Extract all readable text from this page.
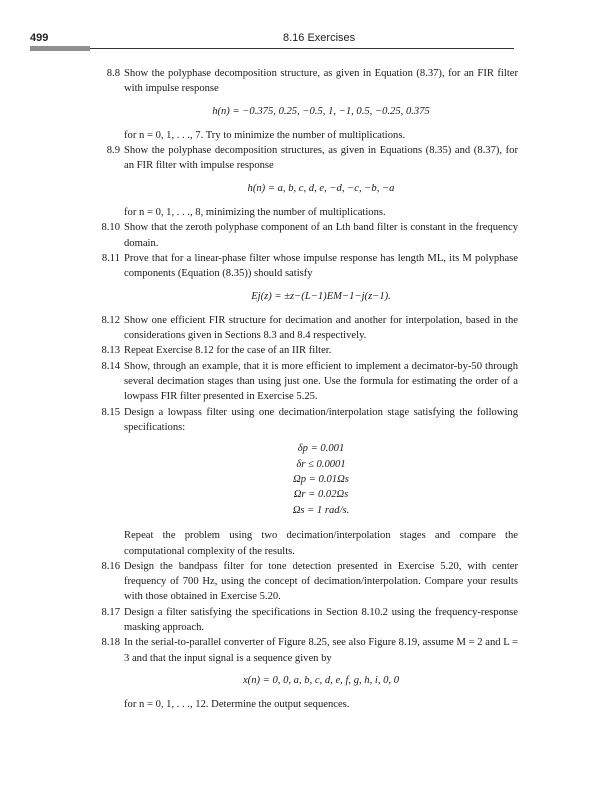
499	8.16 Exercises
8.8 Show the polyphase decomposition structure, as given in Equation (8.37), for an FIR filter with impulse response
h(n) = −0.375, 0.25, −0.5, 1, −1, 0.5, −0.25, 0.375
for n = 0, 1, . . ., 7. Try to minimize the number of multiplications.
8.9 Show the polyphase decomposition structures, as given in Equations (8.35) and (8.37), for an FIR filter with impulse response
h(n) = a, b, c, d, e, −d, −c, −b, −a
for n = 0, 1, . . ., 8, minimizing the number of multiplications.
8.10 Show that the zeroth polyphase component of an Lth band filter is constant in the frequency domain.
8.11 Prove that for a linear-phase filter whose impulse response has length ML, its M polyphase components (Equation (8.35)) should satisfy
Ej(z) = ±z−(L−1)EM−1−j(z−1).
8.12 Show one efficient FIR structure for decimation and another for interpolation, based in the considerations given in Sections 8.3 and 8.4 respectively.
8.13 Repeat Exercise 8.12 for the case of an IIR filter.
8.14 Show, through an example, that it is more efficient to implement a decimator-by-50 through several decimation stages than using just one. Use the formula for estimating the order of a lowpass FIR filter presented in Exercise 5.25.
8.15 Design a lowpass filter using one decimation/interpolation stage satisfying the following specifications:
δp = 0.001
δr ≤ 0.0001
Ωp = 0.01Ωs
Ωr = 0.02Ωs
Ωs = 1 rad/s.
Repeat the problem using two decimation/interpolation stages and compare the computational complexity of the results.
8.16 Design the bandpass filter for tone detection presented in Exercise 5.20, with center frequency of 700 Hz, using the concept of decimation/interpolation. Compare your results with those obtained in Exercise 5.20.
8.17 Design a filter satisfying the specifications in Section 8.10.2 using the frequency-response masking approach.
8.18 In the serial-to-parallel converter of Figure 8.25, see also Figure 8.19, assume M = 2 and L = 3 and that the input signal is a sequence given by
x(n) = 0, 0, a, b, c, d, e, f, g, h, i, 0, 0
for n = 0, 1, . . ., 12. Determine the output sequences.
